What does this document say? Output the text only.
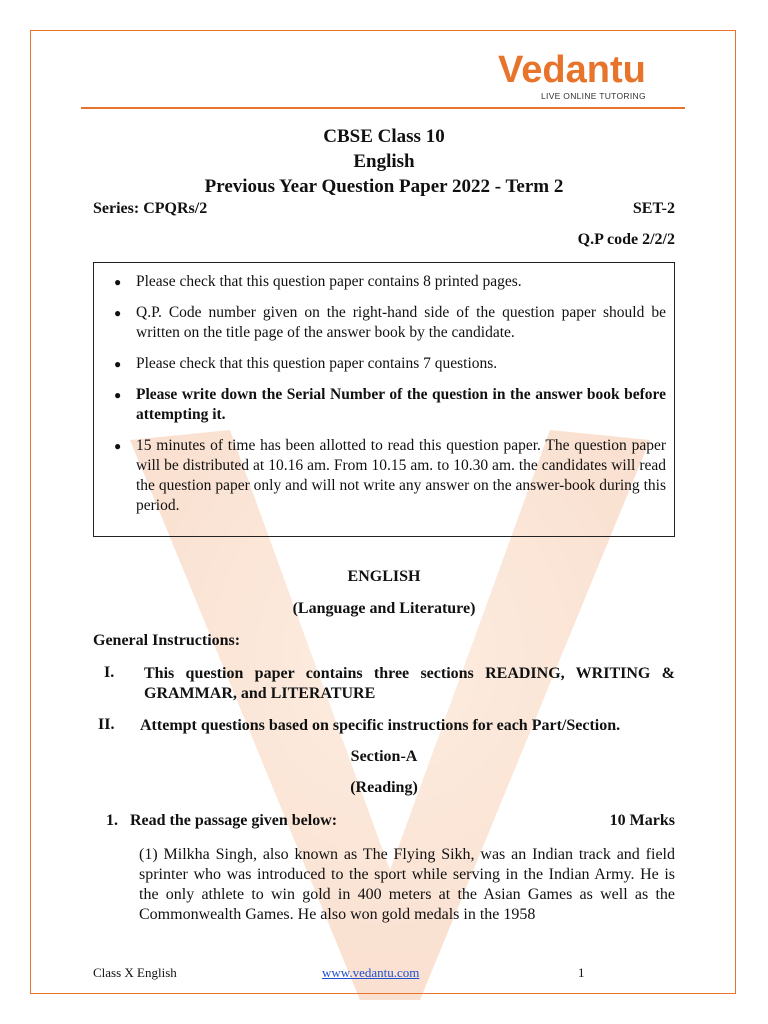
Vedantu
LIVE ONLINE TUTORING
CBSE Class 10
English
Previous Year Question Paper 2022 - Term 2
Series: CPQRs/2	SET-2
Q.P code 2/2/2
● Please check that this question paper contains 8 printed pages.
● Q.P. Code number given on the right-hand side of the question paper should be written on the title page of the answer book by the candidate.
● Please check that this question paper contains 7 questions.
● Please write down the Serial Number of the question in the answer book before attempting it.
● 15 minutes of time has been allotted to read this question paper. The question paper will be distributed at 10.16 am. From 10.15 am. to 10.30 am. the candidates will read the question paper only and will not write any answer on the answer-book during this period.
ENGLISH
(Language and Literature)
General Instructions:
I. This question paper contains three sections READING, WRITING & GRAMMAR, and LITERATURE
II. Attempt questions based on specific instructions for each Part/Section.
Section-A
(Reading)
1.   Read the passage given below:	10 Marks
(1) Milkha Singh, also known as The Flying Sikh, was an Indian track and field sprinter who was introduced to the sport while serving in the Indian Army. He is the only athlete to win gold in 400 meters at the Asian Games as well as the Commonwealth Games. He also won gold medals in the 1958
Class X English	www.vedantu.com	1
